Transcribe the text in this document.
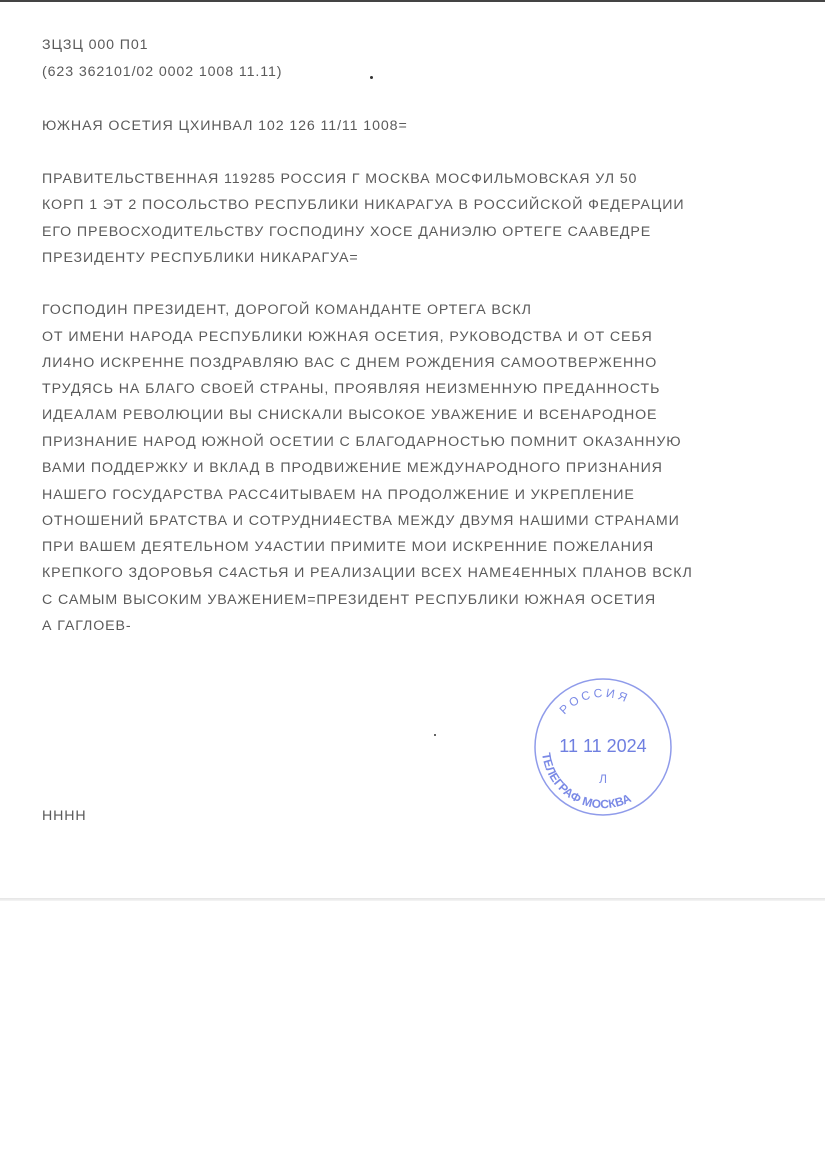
ЗЦЗЦ 000 П01
(623 362101/02 0002 1008 11.11)
ЮЖНАЯ ОСЕТИЯ ЦХИНВАЛ 102 126 11/11 1008=
ПРАВИТЕЛЬСТВЕННАЯ 119285 РОССИЯ Г МОСКВА МОСФИЛЬМОВСКАЯ УЛ 50
КОРП 1 ЭТ 2 ПОСОЛЬСТВО РЕСПУБЛИКИ НИКАРАГУА В РОССИЙСКОЙ ФЕДЕРАЦИИ
ЕГО ПРЕВОСХОДИТЕЛЬСТВУ ГОСПОДИНУ ХОСЕ ДАНИЭЛЮ ОРТЕГЕ СААВЕДРЕ
ПРЕЗИДЕНТУ РЕСПУБЛИКИ НИКАРАГУА=
ГОСПОДИН ПРЕЗИДЕНТ, ДОРОГОЙ КОМАНДАНТЕ ОРТЕГА ВСКЛ
ОТ ИМЕНИ НАРОДА РЕСПУБЛИКИ ЮЖНАЯ ОСЕТИЯ, РУКОВОДСТВА И ОТ СЕБЯ
ЛИ4НО ИСКРЕННЕ ПОЗДРАВЛЯЮ ВАС С ДНЕМ РОЖДЕНИЯ САМООТВЕРЖЕННО
ТРУДЯСЬ НА БЛАГО СВОЕЙ СТРАНЫ, ПРОЯВЛЯЯ НЕИЗМЕННУЮ ПРЕДАННОСТЬ
ИДЕАЛАМ РЕВОЛЮЦИИ ВЫ СНИСКАЛИ ВЫСОКОЕ УВАЖЕНИЕ И ВСЕНАРОДНОЕ
ПРИЗНАНИЕ НАРОД ЮЖНОЙ ОСЕТИИ С БЛАГОДАРНОСТЬЮ ПОМНИТ ОКАЗАННУЮ
ВАМИ ПОДДЕРЖКУ И ВКЛАД В ПРОДВИЖЕНИЕ МЕЖДУНАРОДНОГО ПРИЗНАНИЯ
НАШЕГО ГОСУДАРСТВА РАСС4ИТЫВАЕМ НА ПРОДОЛЖЕНИЕ И УКРЕПЛЕНИЕ
ОТНОШЕНИЙ БРАТСТВА И СОТРУДНИ4ЕСТВА МЕЖДУ ДВУМЯ НАШИМИ СТРАНАМИ
ПРИ ВАШЕМ ДЕЯТЕЛЬНОМ У4АСТИИ ПРИМИТЕ МОИ ИСКРЕННИЕ ПОЖЕЛАНИЯ
КРЕПКОГО ЗДОРОВЬЯ С4АСТЬЯ И РЕАЛИЗАЦИИ ВСЕХ НАМЕ4ЕННЫХ ПЛАНОВ ВСКЛ
С САМЫМ ВЫСОКИМ УВАЖЕНИЕМ=ПРЕЗИДЕНТ РЕСПУБЛИКИ ЮЖНАЯ ОСЕТИЯ
А ГАГЛОЕВ-
НННН
РОССИЯ
11 11 2024
Л
ТЕЛЕГРАФ МОСКВА
